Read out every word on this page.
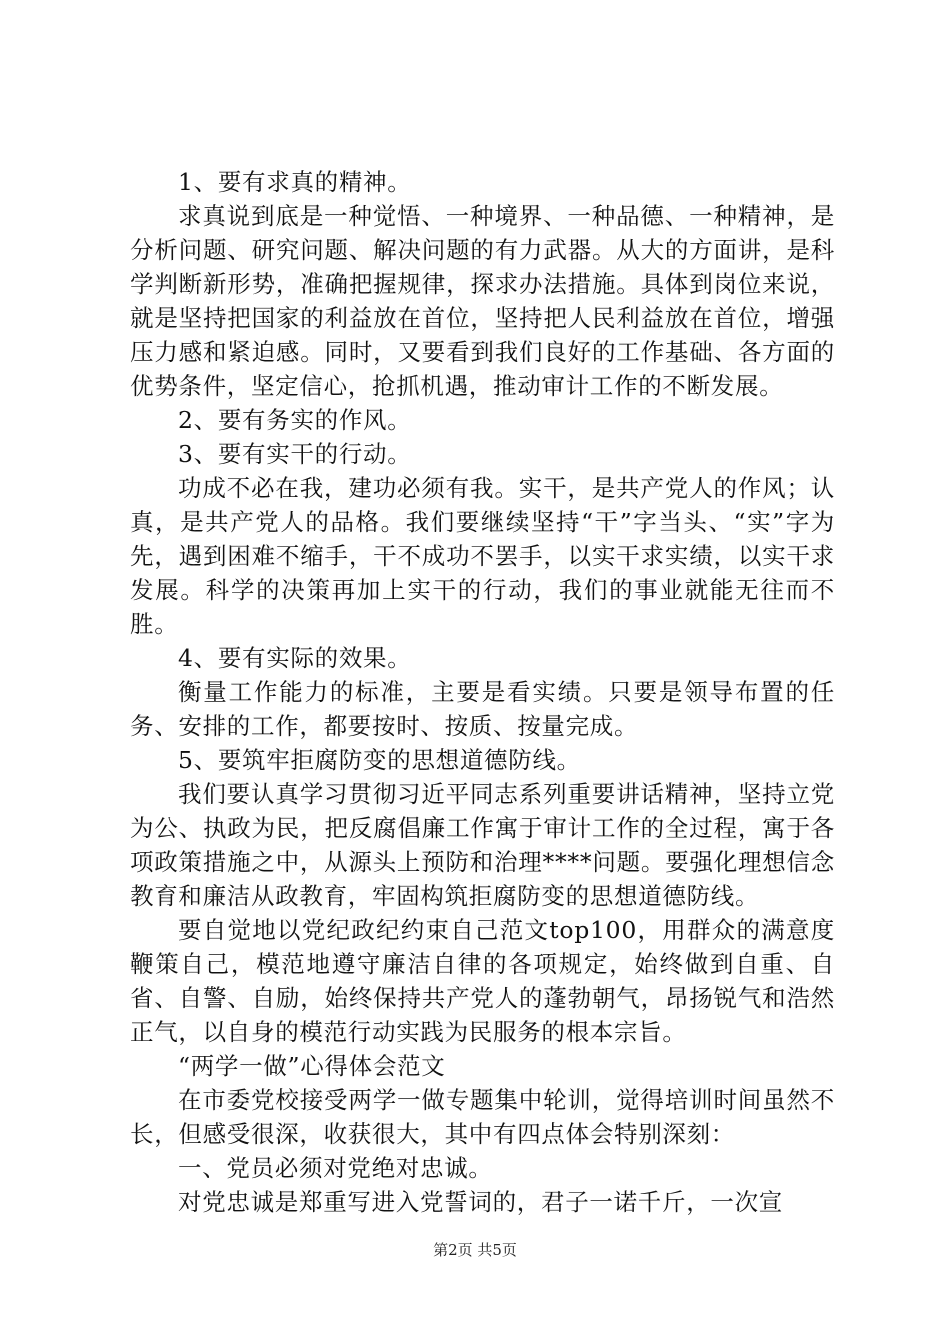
1、要有求真的精神。

求真说到底是一种觉悟、一种境界、一种品德、一种精神，是分析问题、研究问题、解决问题的有力武器。从大的方面讲，是科学判断新形势，准确把握规律，探求办法措施。具体到岗位来说，就是坚持把国家的利益放在首位，坚持把人民利益放在首位，增强压力感和紧迫感。同时，又要看到我们良好的工作基础、各方面的优势条件，坚定信心，抢抓机遇，推动审计工作的不断发展。

2、要有务实的作风。

3、要有实干的行动。

功成不必在我，建功必须有我。实干，是共产党人的作风；认真，是共产党人的品格。我们要继续坚持“干”字当头、“实”字为先，遇到困难不缩手，干不成功不罢手，以实干求实绩，以实干求发展。科学的决策再加上实干的行动，我们的事业就能无往而不胜。

4、要有实际的效果。

衡量工作能力的标准，主要是看实绩。只要是领导布置的任务、安排的工作，都要按时、按质、按量完成。

5、要筑牢拒腐防变的思想道德防线。

我们要认真学习贯彻习近平同志系列重要讲话精神，坚持立党为公、执政为民，把反腐倡廉工作寓于审计工作的全过程，寓于各项政策措施之中，从源头上预防和治理****问题。要强化理想信念教育和廉洁从政教育，牢固构筑拒腐防变的思想道德防线。

要自觉地以党纪政纪约束自己范文top100，用群众的满意度鞭策自己，模范地遵守廉洁自律的各项规定，始终做到自重、自省、自警、自励，始终保持共产党人的蓬勃朝气，昂扬锐气和浩然正气，以自身的模范行动实践为民服务的根本宗旨。

“两学一做”心得体会范文

在市委党校接受两学一做专题集中轮训，觉得培训时间虽然不长，但感受很深，收获很大，其中有四点体会特别深刻：

一、党员必须对党绝对忠诚。

对党忠诚是郑重写进入党誓词的，君子一诺千斤，一次宣

第2页 共5页
